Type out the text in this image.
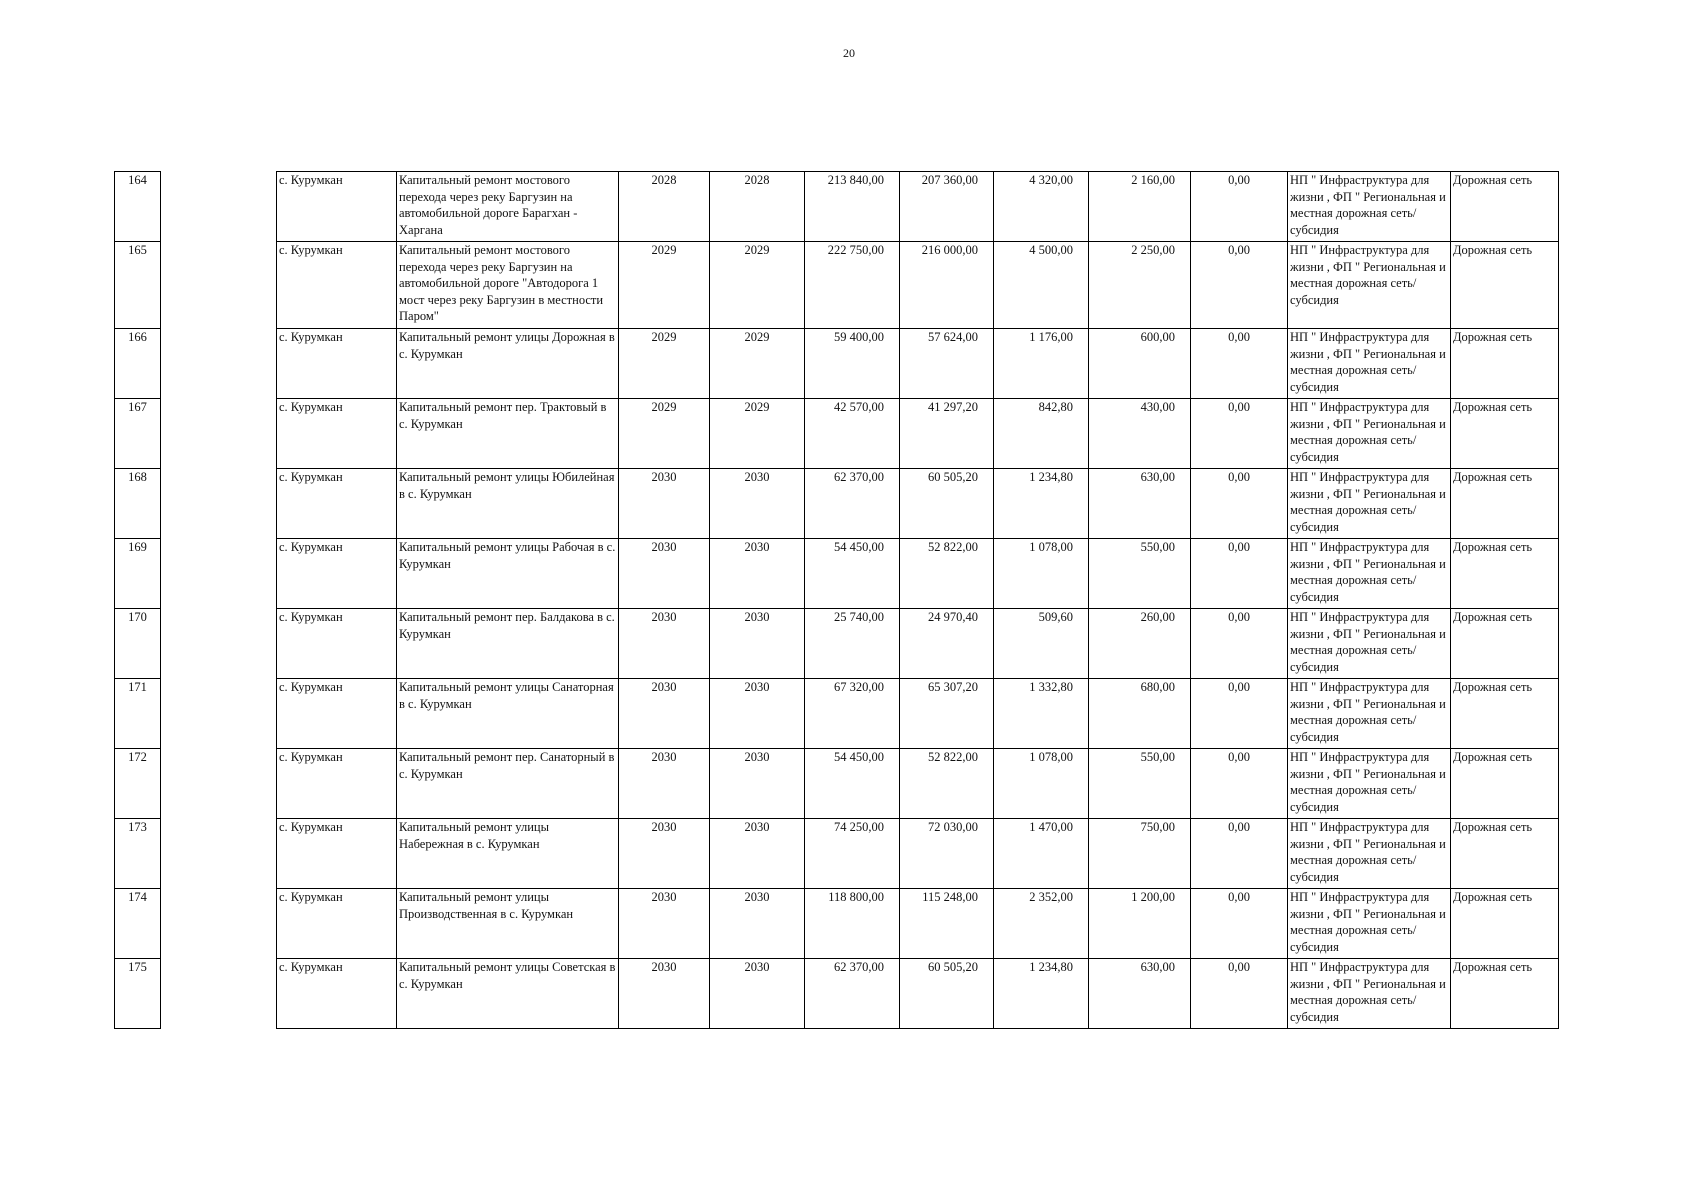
20
164		с. Курумкан	Капитальный ремонт мостового перехода через реку Баргузин на автомобильной дороге Барагхан - Харгана	2028	2028	213 840,00	207 360,00	4 320,00	2 160,00	0,00	НП " Инфраструктура для жизни , ФП " Региональная и местная дорожная сеть/субсидия	Дорожная сеть
165		с. Курумкан	Капитальный ремонт мостового перехода через реку Баргузин на автомобильной дороге "Автодорога 1 мост через реку Баргузин в местности Паром"	2029	2029	222 750,00	216 000,00	4 500,00	2 250,00	0,00	НП " Инфраструктура для жизни , ФП " Региональная и местная дорожная сеть/субсидия	Дорожная сеть
166		с. Курумкан	Капитальный ремонт улицы Дорожная в с. Курумкан	2029	2029	59 400,00	57 624,00	1 176,00	600,00	0,00	НП " Инфраструктура для жизни , ФП " Региональная и местная дорожная сеть/субсидия	Дорожная сеть
167		с. Курумкан	Капитальный ремонт пер. Трактовый в с. Курумкан	2029	2029	42 570,00	41 297,20	842,80	430,00	0,00	НП " Инфраструктура для жизни , ФП " Региональная и местная дорожная сеть/субсидия	Дорожная сеть
168		с. Курумкан	Капитальный ремонт улицы Юбилейная в с. Курумкан	2030	2030	62 370,00	60 505,20	1 234,80	630,00	0,00	НП " Инфраструктура для жизни , ФП " Региональная и местная дорожная сеть/субсидия	Дорожная сеть
169		с. Курумкан	Капитальный ремонт улицы Рабочая в с. Курумкан	2030	2030	54 450,00	52 822,00	1 078,00	550,00	0,00	НП " Инфраструктура для жизни , ФП " Региональная и местная дорожная сеть/субсидия	Дорожная сеть
170		с. Курумкан	Капитальный ремонт пер. Балдакова в с. Курумкан	2030	2030	25 740,00	24 970,40	509,60	260,00	0,00	НП " Инфраструктура для жизни , ФП " Региональная и местная дорожная сеть/субсидия	Дорожная сеть
171		с. Курумкан	Капитальный ремонт улицы Санаторная в с. Курумкан	2030	2030	67 320,00	65 307,20	1 332,80	680,00	0,00	НП " Инфраструктура для жизни , ФП " Региональная и местная дорожная сеть/субсидия	Дорожная сеть
172		с. Курумкан	Капитальный ремонт пер. Санаторный в с. Курумкан	2030	2030	54 450,00	52 822,00	1 078,00	550,00	0,00	НП " Инфраструктура для жизни , ФП " Региональная и местная дорожная сеть/субсидия	Дорожная сеть
173		с. Курумкан	Капитальный ремонт улицы Набережная в с. Курумкан	2030	2030	74 250,00	72 030,00	1 470,00	750,00	0,00	НП " Инфраструктура для жизни , ФП " Региональная и местная дорожная сеть/субсидия	Дорожная сеть
174		с. Курумкан	Капитальный ремонт улицы Производственная в с. Курумкан	2030	2030	118 800,00	115 248,00	2 352,00	1 200,00	0,00	НП " Инфраструктура для жизни , ФП " Региональная и местная дорожная сеть/субсидия	Дорожная сеть
175		с. Курумкан	Капитальный ремонт улицы Советская в с. Курумкан	2030	2030	62 370,00	60 505,20	1 234,80	630,00	0,00	НП " Инфраструктура для жизни , ФП " Региональная и местная дорожная сеть/субсидия	Дорожная сеть
